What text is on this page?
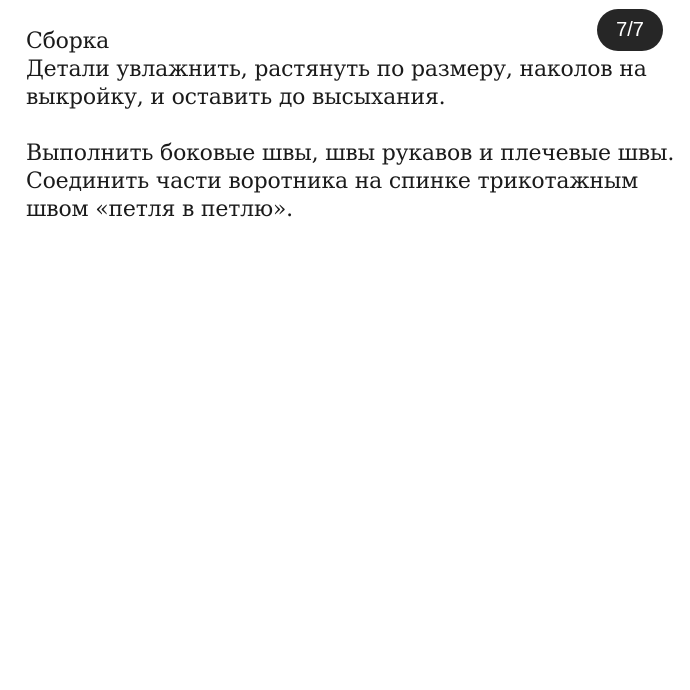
7/7

Сборка
Детали увлажнить, растянуть по размеру, наколов на
выкройку, и оставить до высыхания.

Выполнить боковые швы, швы рукавов и плечевые швы.
Соединить части воротника на спинке трикотажным
швом «петля в петлю».
